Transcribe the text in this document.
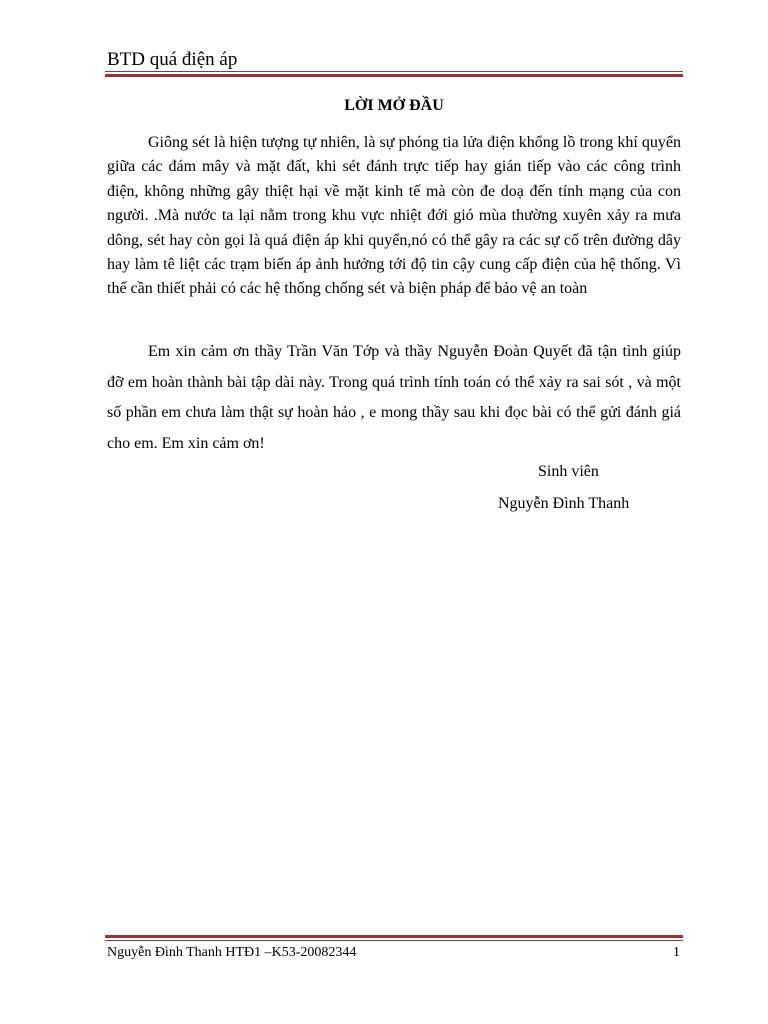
BTD quá điện áp
LỜI MỞ ĐẦU

Giông sét là hiện tượng tự nhiên, là sự phóng tia lửa điện khổng lồ trong khí quyển giữa các đám mây và mặt đất, khi sét đánh trực tiếp hay gián tiếp vào các công trình điện, không những gây thiệt hại về mặt kinh tế mà còn đe doạ đến tính mạng của con người. .Mà nước ta lại nằm trong khu vực nhiệt đới gió mùa thường xuyên xảy ra mưa dông, sét hay còn gọi là quá điện áp khi quyển,nó có thể gây ra các sự cố trên đường dây hay làm tê liệt các trạm biến áp ảnh hưởng tới độ tin cậy cung cấp điện của hệ thống. Vì thế cần thiết phải có các hệ thống chống sét và biện pháp để bảo vệ an toàn

Em xin cảm ơn thầy Trần Văn Tớp và thầy Nguyễn Đoàn Quyết đã tận tình giúp đỡ em hoàn thành bài tập dài này. Trong quá trình tính toán có thể xảy ra sai sót , và một số phần em chưa làm thật sự hoàn hảo , e mong thầy sau khi đọc bài có thể gửi đánh giá cho em. Em xin cảm ơn!

Sinh viên
Nguyễn Đình Thanh
Nguyễn Đình Thanh HTĐ1 –K53-20082344	1
